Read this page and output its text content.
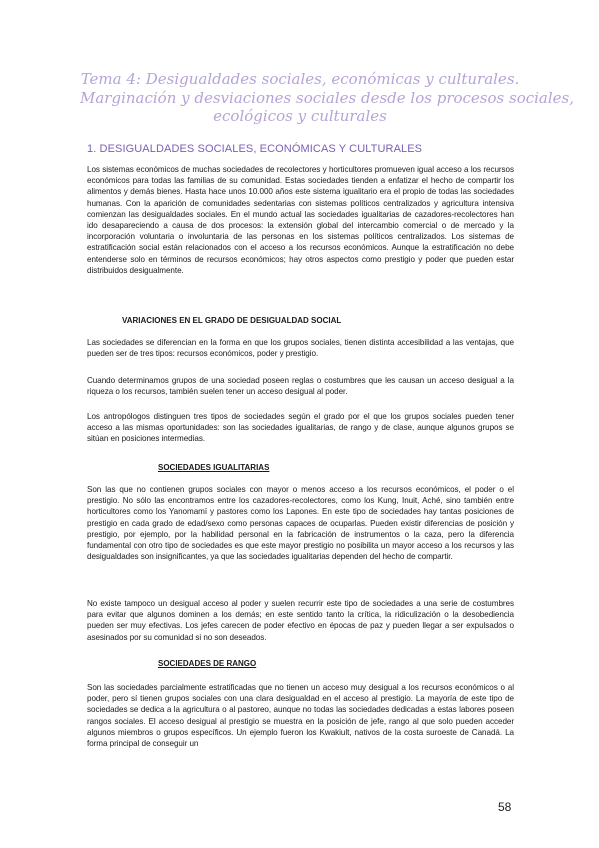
Tema 4: Desigualdades sociales, económicas y culturales.
Marginación y desviaciones sociales desde los procesos sociales,
ecológicos y culturales
1. DESIGUALDADES SOCIALES, ECONÓMICAS Y CULTURALES

Los sistemas económicos de muchas sociedades de recolectores y horticultores promueven igual acceso a los recursos económicos para todas las familias de su comunidad. Estas sociedades tienden a enfatizar el hecho de compartir los alimentos y demás bienes. Hasta hace unos 10.000 años este sistema igualitario era el propio de todas las sociedades humanas. Con la aparición de comunidades sedentarias con sistemas políticos centralizados y agricultura intensiva comienzan las desigualdades sociales. En el mundo actual las sociedades igualitarias de cazadores-recolectores han ido desapareciendo a causa de dos procesos: la extensión global del intercambio comercial o de mercado y la incorporación voluntaria o involuntaria de las personas en los sistemas políticos centralizados. Los sistemas de estratificación social están relacionados con el acceso a los recursos económicos. Aunque la estratificación no debe entenderse solo en términos de recursos económicos; hay otros aspectos como prestigio y poder que pueden estar distribuidos desigualmente.

VARIACIONES EN EL GRADO DE DESIGUALDAD SOCIAL

Las sociedades se diferencian en la forma en que los grupos sociales, tienen distinta accesibilidad a las ventajas, que pueden ser de tres tipos: recursos económicos, poder y prestigio.

Cuando determinamos grupos de una sociedad poseen reglas o costumbres que les causan un acceso desigual a la riqueza o los recursos, también suelen tener un acceso desigual al poder.

Los antropólogos distinguen tres tipos de sociedades según el grado por el que los grupos sociales pueden tener acceso a las mismas oportunidades: son las sociedades igualitarias, de rango y de clase, aunque algunos grupos se sitúan en posiciones intermedias.

SOCIEDADES IGUALITARIAS

Son las que no contienen grupos sociales con mayor o menos acceso a los recursos económicos, el poder o el prestigio. No sólo las encontramos entre los cazadores-recolectores, como los Kung, Inuit, Aché, sino también entre horticultores como los Yanomamï y pastores como los Lapones. En este tipo de sociedades hay tantas posiciones de prestigio en cada grado de edad/sexo como personas capaces de ocuparlas. Pueden existir diferencias de posición y prestigio, por ejemplo, por la habilidad personal en la fabricación de instrumentos o la caza, pero la diferencia fundamental con otro tipo de sociedades es que este mayor prestigio no posibilita un mayor acceso a los recursos y las desigualdades son insignificantes, ya que las sociedades igualitarias dependen del hecho de compartir.

No existe tampoco un desigual acceso al poder y suelen recurrir este tipo de sociedades a una serie de costumbres para evitar que algunos dominen a los demás; en este sentido tanto la crítica, la ridiculización o la desobediencia pueden ser muy efectivas. Los jefes carecen de poder efectivo en épocas de paz y pueden llegar a ser expulsados o asesinados por su comunidad si no son deseados.

SOCIEDADES DE RANGO

Son las sociedades parcialmente estratificadas que no tienen un acceso muy desigual a los recursos económicos o al poder, pero sí tienen grupos sociales con una clara desigualdad en el acceso al prestigio. La mayoría de este tipo de sociedades se dedica a la agricultura o al pastoreo, aunque no todas las sociedades dedicadas a estas labores poseen rangos sociales. El acceso desigual al prestigio se muestra en la posición de jefe, rango al que solo pueden acceder algunos miembros o grupos específicos. Un ejemplo fueron los Kwakiult, nativos de la costa suroeste de Canadá. La forma principal de conseguir un

58
